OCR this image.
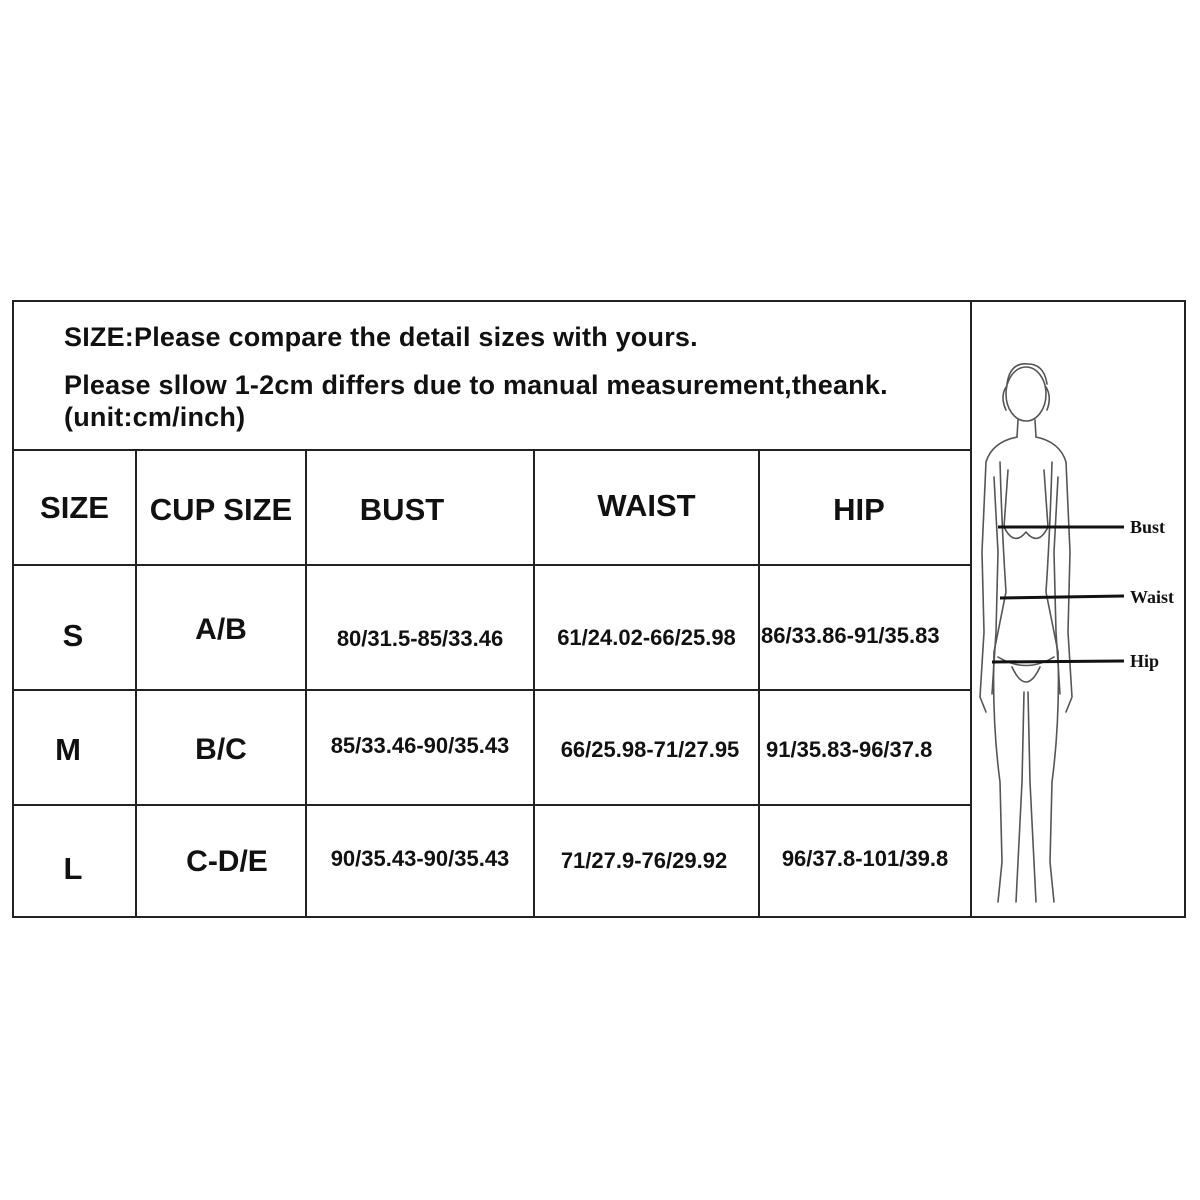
SIZE:Please compare the detail sizes with yours.
Please sllow 1-2cm differs due to manual measurement,theank.
(unit:cm/inch)
SIZE	CUP SIZE	BUST	WAIST	HIP
S	A/B	80/31.5-85/33.46	61/24.02-66/25.98	86/33.86-91/35.83
M	B/C	85/33.46-90/35.43	66/25.98-71/27.95	91/35.83-96/37.8
L	C-D/E	90/35.43-90/35.43	71/27.9-76/29.92	96/37.8-101/39.8
Bust
Waist
Hip
